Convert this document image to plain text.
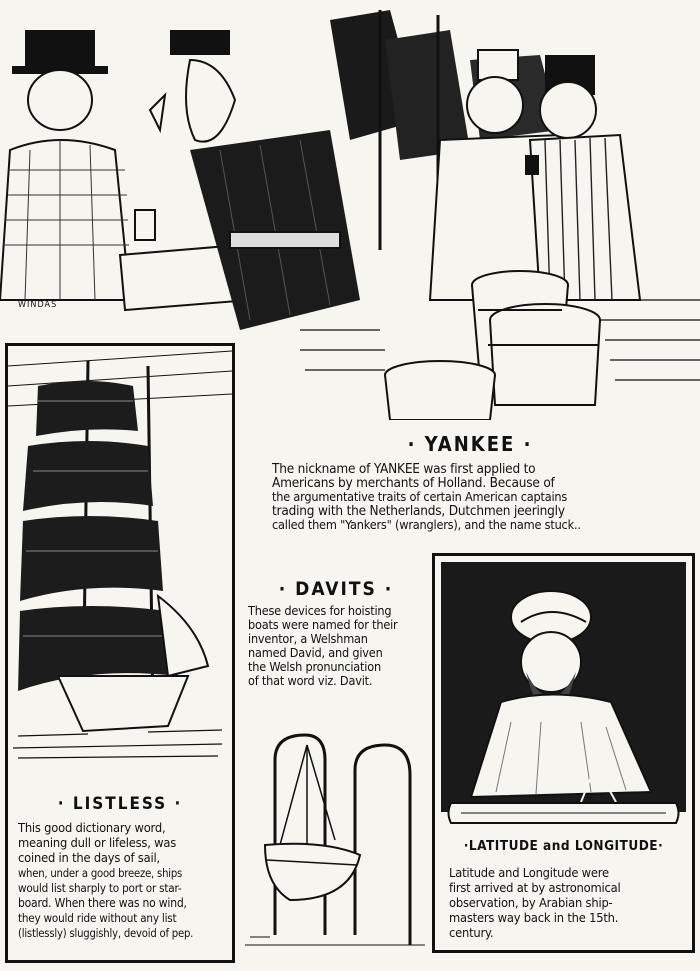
WINDAS
· YANKEE ·
The nickname of YANKEE was first applied to
Americans by merchants of Holland. Because of
the argumentative traits of certain American captains
trading with the Netherlands, Dutchmen jeeringly
called them "Yankers" (wranglers), and the name stuck..
· LISTLESS ·
This good dictionary word,
meaning dull or lifeless, was
coined in the days of sail,
when, under a good breeze, ships
would list sharply to port or star-
board. When there was no wind,
they would ride without any list
(listlessly) sluggishly, devoid of pep.
· DAVITS ·
These devices for hoisting
boats were named for their
inventor, a Welshman
named David, and given
the Welsh pronunciation
of that word viz. Davit.
·LATITUDE and LONGITUDE·
Latitude and Longitude were
first arrived at by astronomical
observation, by Arabian ship-
masters way back in the 15th.
century.
